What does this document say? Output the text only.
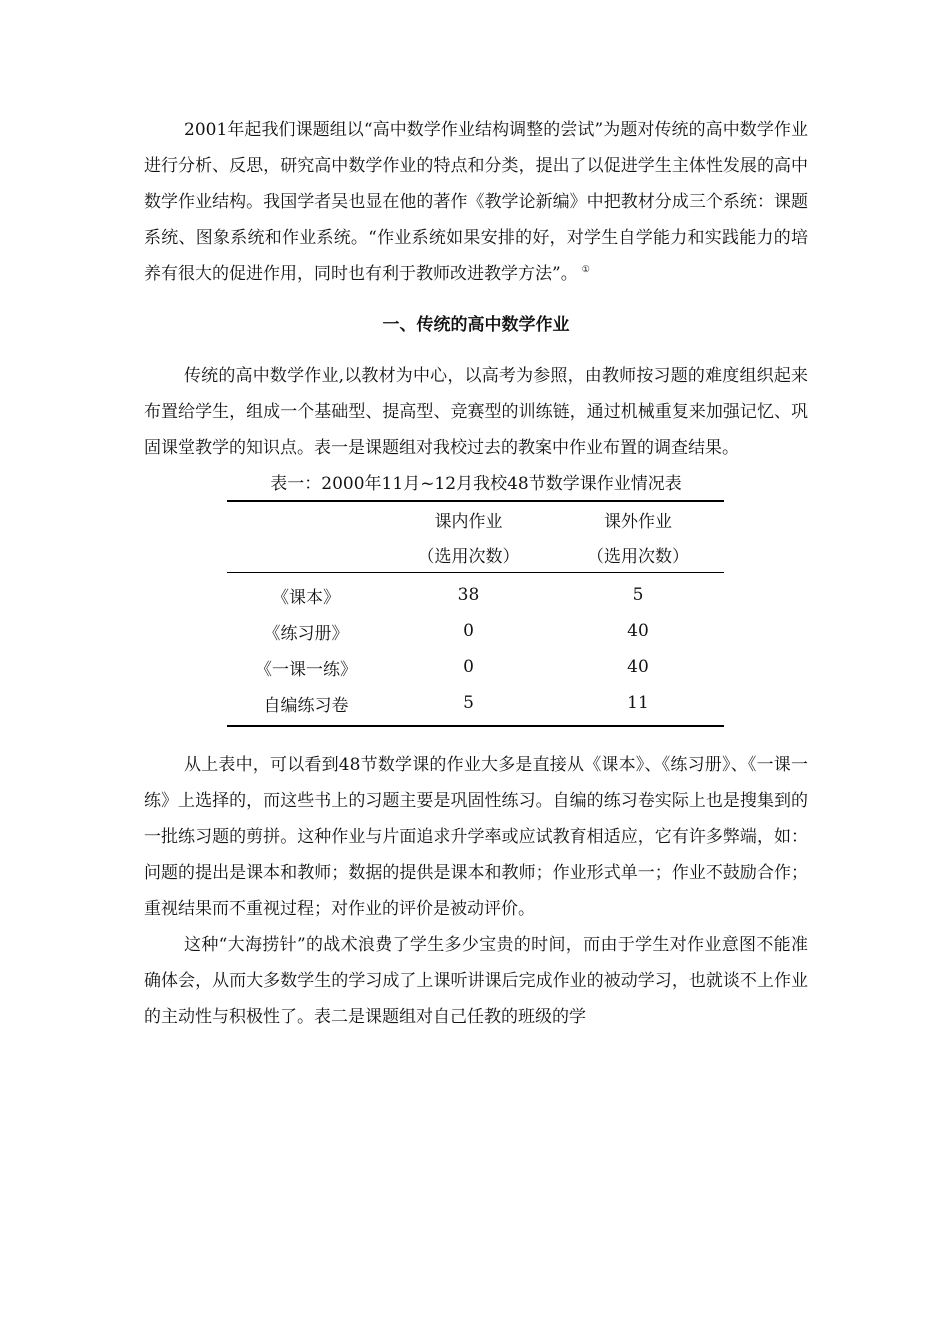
2001年起我们课题组以“高中数学作业结构调整的尝试”为题对传统的高中数学作业进行分析、反思，研究高中数学作业的特点和分类，提出了以促进学生主体性发展的高中数学作业结构。我国学者吴也显在他的著作《教学论新编》中把教材分成三个系统：课题系统、图象系统和作业系统。“作业系统如果安排的好，对学生自学能力和实践能力的培养有很大的促进作用，同时也有利于教师改进教学方法”。 ①

一、传统的高中数学作业

传统的高中数学作业,以教材为中心，以高考为参照，由教师按习题的难度组织起来布置给学生，组成一个基础型、提高型、竞赛型的训练链，通过机械重复来加强记忆、巩固课堂教学的知识点。表一是课题组对我校过去的教案中作业布置的调查结果。

表一：2000年11月~12月我校48节数学课作业情况表
	课内作业	课外作业
	（选用次数）	（选用次数）
《课本》	38	5
《练习册》	0	40
《一课一练》	0	40
自编练习卷	5	11

从上表中，可以看到48节数学课的作业大多是直接从《课本》、《练习册》、《一课一练》上选择的，而这些书上的习题主要是巩固性练习。自编的练习卷实际上也是搜集到的一批练习题的剪拼。这种作业与片面追求升学率或应试教育相适应，它有许多弊端，如：问题的提出是课本和教师；数据的提供是课本和教师；作业形式单一；作业不鼓励合作；重视结果而不重视过程；对作业的评价是被动评价。

这种“大海捞针”的战术浪费了学生多少宝贵的时间，而由于学生对作业意图不能准确体会，从而大多数学生的学习成了上课听讲课后完成作业的被动学习，也就谈不上作业的主动性与积极性了。表二是课题组对自己任教的班级的学
